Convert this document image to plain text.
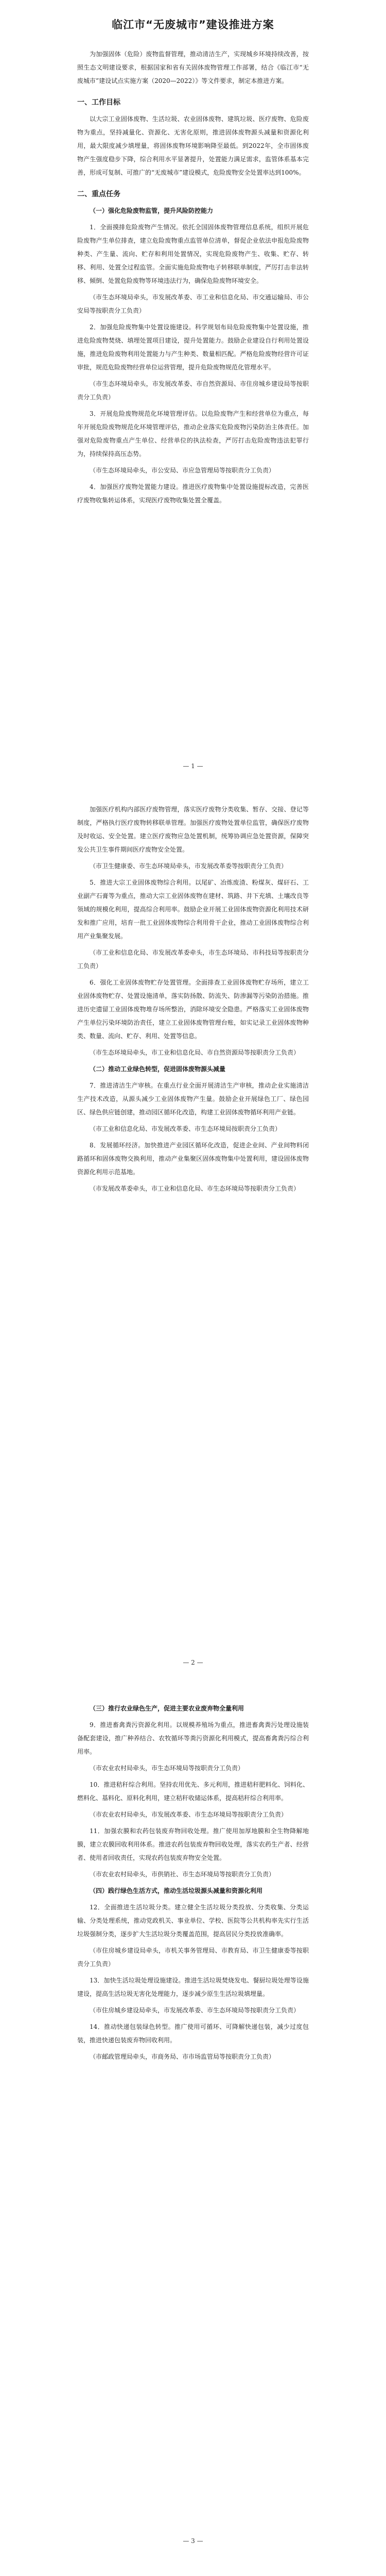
临江市“无废城市”建设推进方案

为加强固体（危险）废物监督管理，推动清洁生产，实现城乡环境持续改善，按照生态文明建设要求，根据国家和省有关固体废物管理工作部署，结合《临江市“无废城市”建设试点实施方案（2020—2022）》等文件要求，制定本推进方案。

一、工作目标

以大宗工业固体废物、生活垃圾、农业固体废物、建筑垃圾、医疗废物、危险废物为重点，坚持减量化、资源化、无害化原则，推进固体废物源头减量和资源化利用，最大限度减少填埋量，将固体废物环境影响降至最低。到2022年，全市固体废物产生强度稳步下降，综合利用水平显著提升，处置能力满足需求，监管体系基本完善，形成可复制、可推广的“无废城市”建设模式，危险废物安全处置率达到100%。

二、重点任务

（一）强化危险废物监管，提升风险防控能力

1．全面摸排危险废物产生情况。依托全国固体废物管理信息系统，组织开展危险废物产生单位排查，建立危险废物重点监管单位清单，督促企业依法申报危险废物种类、产生量、流向、贮存和利用处置情况，实现危险废物产生、收集、贮存、转移、利用、处置全过程监管。全面实施危险废物电子转移联单制度，严厉打击非法转移、倾倒、处置危险废物等环境违法行为，确保危险废物环境安全。

（市生态环境局牵头，市发展改革委、市工业和信息化局、市交通运输局、市公安局等按职责分工负责）

2．加强危险废物集中处置设施建设。科学规划布局危险废物集中处置设施，推进危险废物焚烧、填埋处置项目建设，提升处置能力。鼓励企业建设自行利用处置设施，推进危险废物利用处置能力与产生种类、数量相匹配。严格危险废物经营许可证审批，规范危险废物经营单位运营管理，提升危险废物规范化管理水平。

（市生态环境局牵头，市发展改革委、市自然资源局、市住房城乡建设局等按职责分工负责）

3．开展危险废物规范化环境管理评估。以危险废物产生和经营单位为重点，每年开展危险废物规范化环境管理评估，推动企业落实危险废物污染防治主体责任。加强对危险废物重点产生单位、经营单位的执法检查，严厉打击危险废物违法犯罪行为，持续保持高压态势。

（市生态环境局牵头，市公安局、市应急管理局等按职责分工负责）

4．加强医疗废物处置能力建设。推进医疗废物集中处置设施提标改造，完善医疗废物收集转运体系，实现医疗废物收集处置全覆盖。

— 1 —

加强医疗机构内部医疗废物管理，落实医疗废物分类收集、暂存、交接、登记等制度，严格执行医疗废物转移联单管理。加强医疗废物处置单位监管，确保医疗废物及时收运、安全处置。建立医疗废物应急处置机制，统筹协调应急处置资源，保障突发公共卫生事件期间医疗废物安全处置。

（市卫生健康委、市生态环境局牵头，市发展改革委等按职责分工负责）

5．推进大宗工业固体废物综合利用。以尾矿、冶炼废渣、粉煤灰、煤矸石、工业副产石膏等为重点，推动大宗工业固体废物在建材、筑路、井下充填、土壤改良等领域的规模化利用，提高综合利用率。鼓励企业开展工业固体废物资源化利用技术研发和推广应用，培育一批工业固体废物综合利用骨干企业，推动工业固体废物综合利用产业集聚发展。

（市工业和信息化局、市发展改革委牵头，市生态环境局、市科技局等按职责分工负责）

6．强化工业固体废物贮存处置管理。全面排查工业固体废物贮存场所，建立工业固体废物贮存、处置设施清单，落实防扬散、防流失、防渗漏等污染防治措施。推进历史遗留工业固体废物堆存场所整治，消除环境安全隐患。严格落实工业固体废物产生单位污染环境防治责任，建立工业固体废物管理台账，如实记录工业固体废物种类、数量、流向、贮存、利用、处置等信息。

（市生态环境局牵头，市工业和信息化局、市自然资源局等按职责分工负责）

（二）推动工业绿色转型，促进固体废物源头减量

7．推进清洁生产审核。在重点行业全面开展清洁生产审核，推动企业实施清洁生产技术改造，从源头减少工业固体废物产生量。鼓励企业开展绿色工厂、绿色园区、绿色供应链创建，推动园区循环化改造，构建工业固体废物循环利用产业链。

（市工业和信息化局、市发展改革委、市生态环境局按职责分工负责）

8．发展循环经济。加快推进产业园区循环化改造，促进企业间、产业间物料闭路循环和固体废物交换利用，推动产业集聚区固体废物集中处置利用，建设固体废物资源化利用示范基地。

（市发展改革委牵头，市工业和信息化局、市生态环境局等按职责分工负责）

— 2 —

（三）推行农业绿色生产，促进主要农业废弃物全量利用

9．推进畜禽粪污资源化利用。以规模养殖场为重点，推进畜禽粪污处理设施装备配套建设，推广种养结合、农牧循环等粪污资源化利用模式，提高畜禽粪污综合利用率。

（市农业农村局牵头，市生态环境局等按职责分工负责）

10．推进秸秆综合利用。坚持农用优先、多元利用，推进秸秆肥料化、饲料化、燃料化、基料化、原料化利用，建立秸秆收储运体系，提高秸秆综合利用率。

（市农业农村局牵头，市发展改革委、市生态环境局等按职责分工负责）

11．加强农膜和农药包装废弃物回收处理。推广使用加厚地膜和全生物降解地膜，建立农膜回收利用体系。推进农药包装废弃物回收处理，落实农药生产者、经营者、使用者回收责任，实现农药包装废弃物安全处置。

（市农业农村局牵头，市供销社、市生态环境局等按职责分工负责）

（四）践行绿色生活方式，推动生活垃圾源头减量和资源化利用

12．全面推进生活垃圾分类。建立健全生活垃圾分类投放、分类收集、分类运输、分类处理系统，推动党政机关、事业单位、学校、医院等公共机构率先实行生活垃圾强制分类，逐步扩大生活垃圾分类覆盖范围，提高居民分类投放准确率。

（市住房城乡建设局牵头，市机关事务管理局、市教育局、市卫生健康委等按职责分工负责）

13．加快生活垃圾处理设施建设。推进生活垃圾焚烧发电、餐厨垃圾处理等设施建设，提高生活垃圾无害化处理能力，逐步减少原生生活垃圾填埋量。

（市住房城乡建设局牵头，市发展改革委、市生态环境局等按职责分工负责）

14．推动快递包装绿色转型。推广使用可循环、可降解快递包装，减少过度包装，推进快递包装废弃物回收利用。

（市邮政管理局牵头，市商务局、市市场监管局等按职责分工负责）

— 3 —
